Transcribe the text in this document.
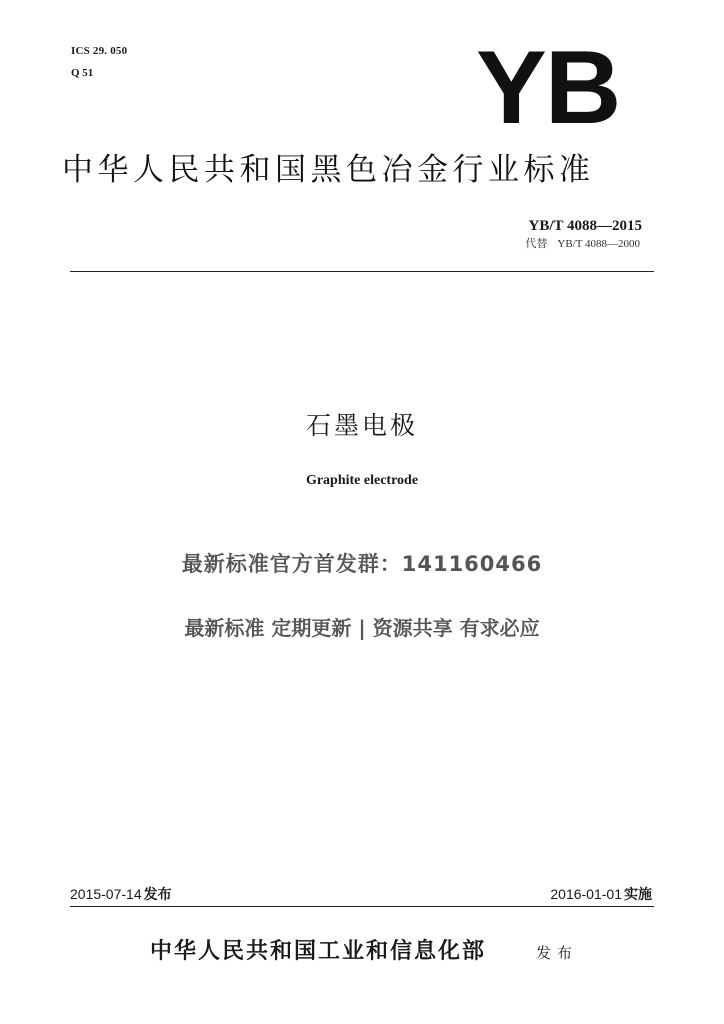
ICS 29. 050
Q 51	YB
中华人民共和国黑色冶金行业标准
YB/T 4088—2015
代替 YB/T 4088—2000
石墨电极
Graphite electrode
最新标准官方首发群：141160466
最新标准 定期更新 | 资源共享 有求必应
2015-07-14 发布	2016-01-01 实施
中华人民共和国工业和信息化部	发布
